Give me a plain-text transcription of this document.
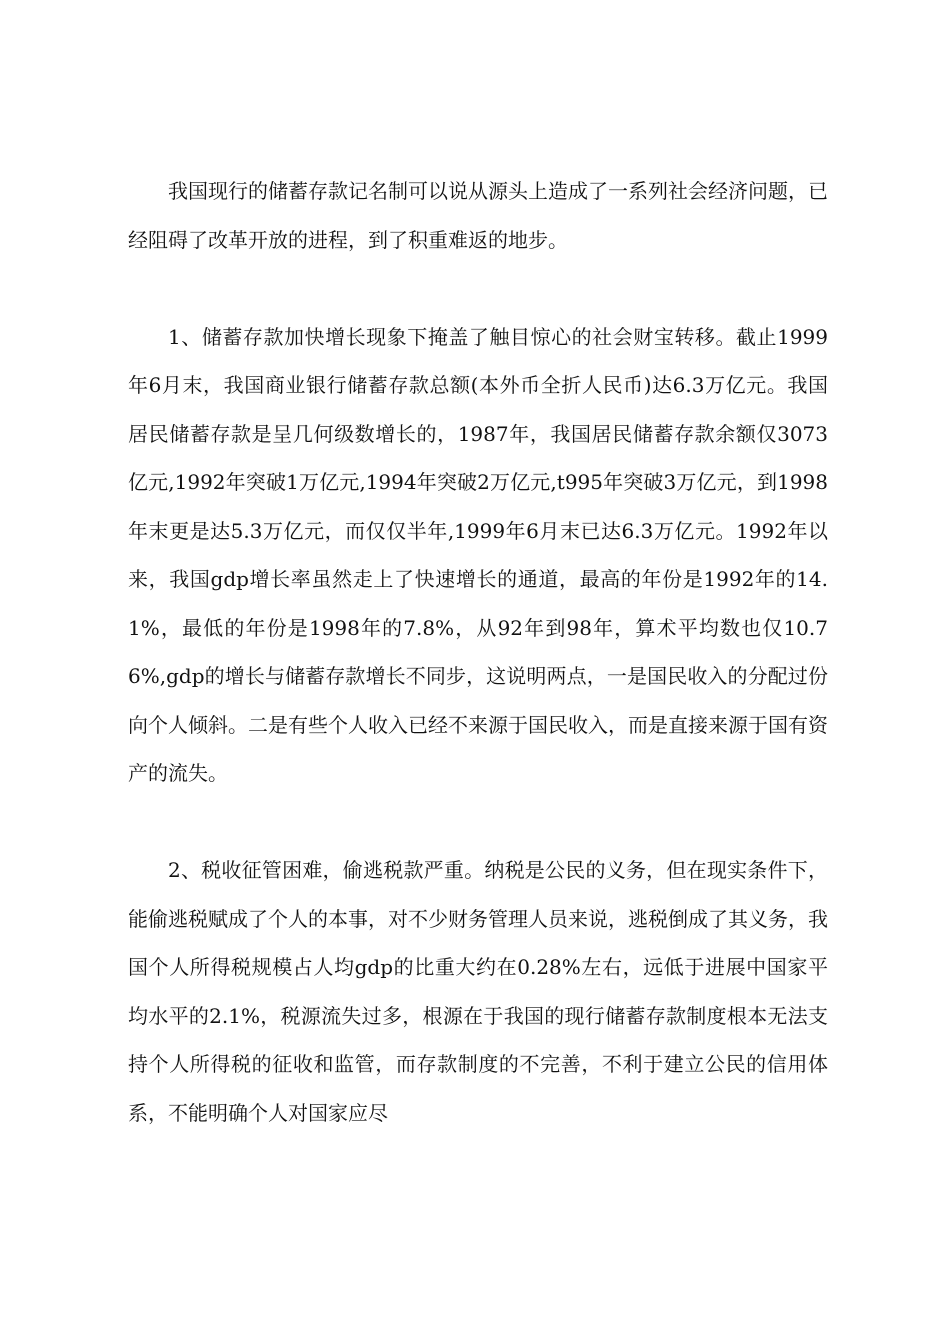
我国现行的储蓄存款记名制可以说从源头上造成了一系列社会经济问题，已经阻碍了改革开放的进程，到了积重难返的地步。

1、储蓄存款加快增长现象下掩盖了触目惊心的社会财宝转移。截止1999年6月末，我国商业银行储蓄存款总额(本外币全折人民币)达6.3万亿元。我国居民储蓄存款是呈几何级数增长的，1987年，我国居民储蓄存款余额仅3073亿元,1992年突破1万亿元,1994年突破2万亿元,t995年突破3万亿元，到1998年末更是达5.3万亿元，而仅仅半年,1999年6月末已达6.3万亿元。1992年以来，我国gdp增长率虽然走上了快速增长的通道，最高的年份是1992年的14.1%，最低的年份是1998年的7.8%，从92年到98年，算术平均数也仅10.76%,gdp的增长与储蓄存款增长不同步，这说明两点，一是国民收入的分配过份向个人倾斜。二是有些个人收入已经不来源于国民收入，而是直接来源于国有资产的流失。

2、税收征管困难，偷逃税款严重。纳税是公民的义务，但在现实条件下，能偷逃税赋成了个人的本事，对不少财务管理人员来说，逃税倒成了其义务，我国个人所得税规模占人均gdp的比重大约在0.28%左右，远低于进展中国家平均水平的2.1%，税源流失过多，根源在于我国的现行储蓄存款制度根本无法支持个人所得税的征收和监管，而存款制度的不完善，不利于建立公民的信用体系，不能明确个人对国家应尽
